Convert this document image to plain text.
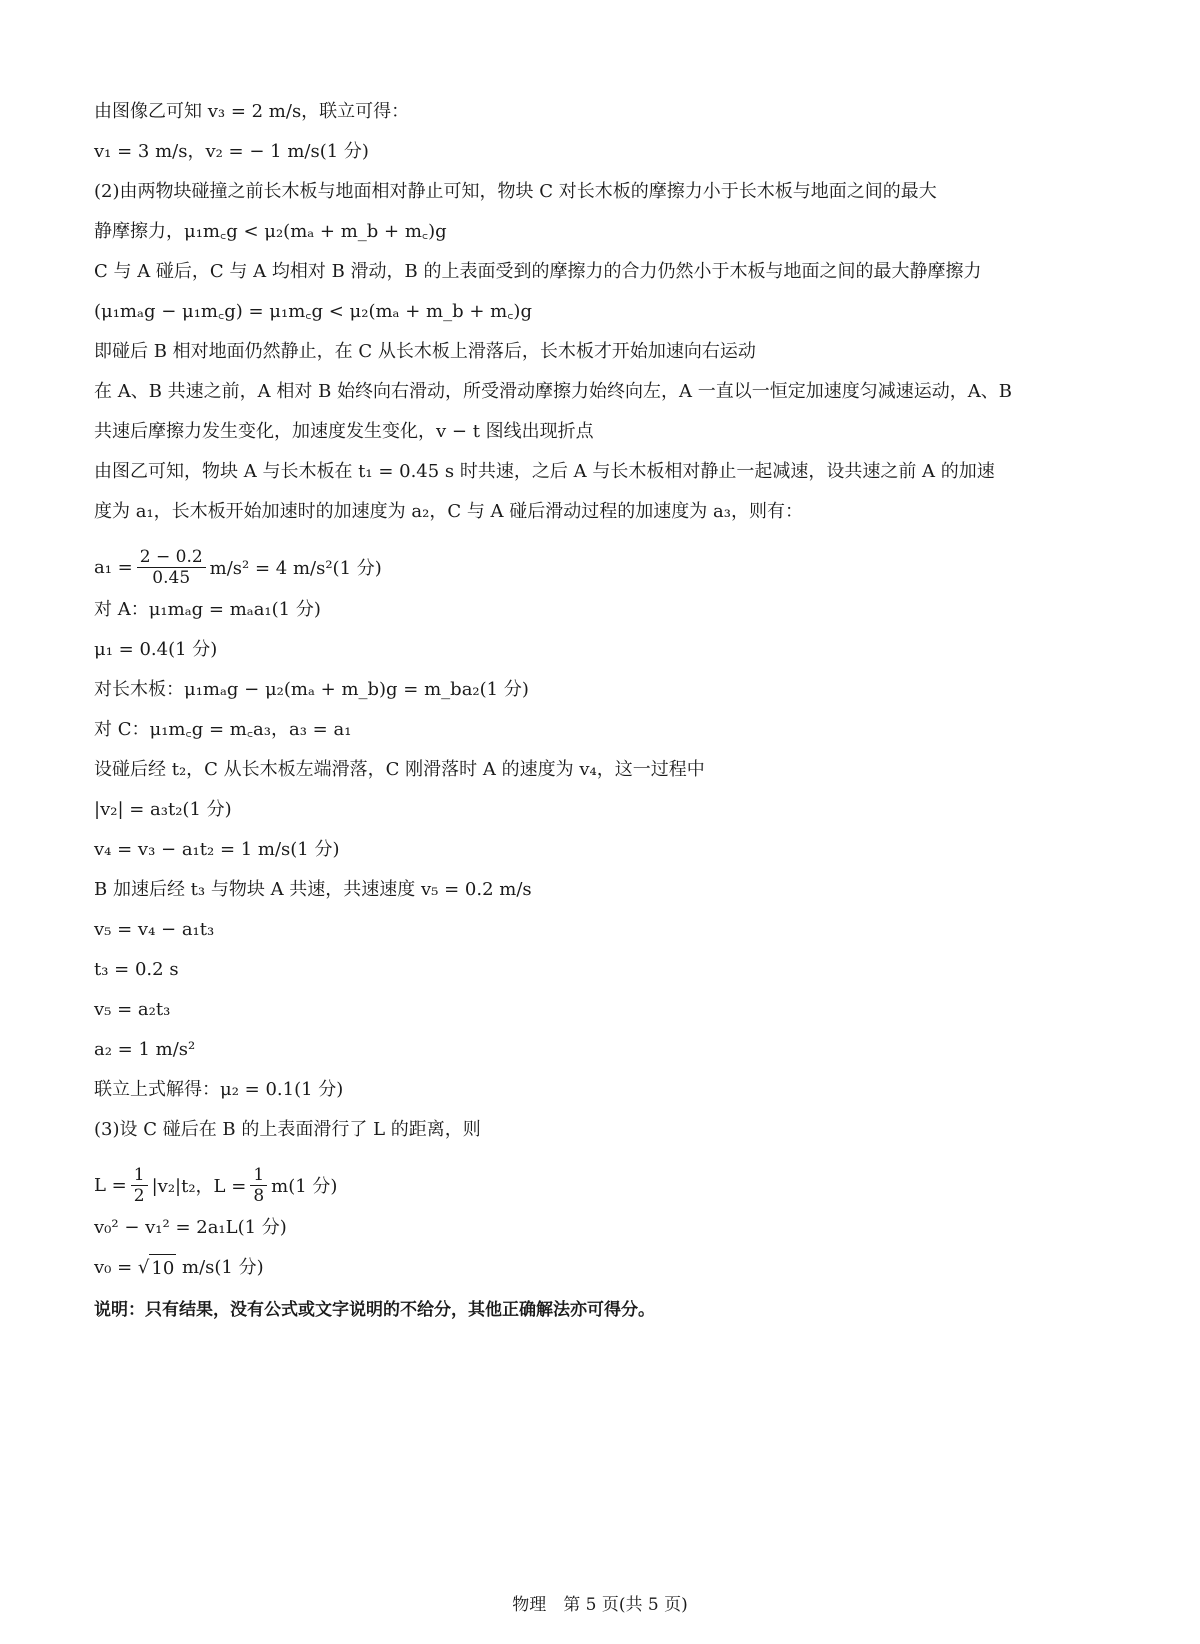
由图像乙可知 v₃ = 2 m/s，联立可得：

v₁ = 3 m/s，v₂ = − 1 m/s(1 分)

(2)由两物块碰撞之前长木板与地面相对静止可知，物块 C 对长木板的摩擦力小于长木板与地面之间的最大

静摩擦力，μ₁m꜀g < μ₂(mₐ + m_b + m꜀)g

C 与 A 碰后，C 与 A 均相对 B 滑动，B 的上表面受到的摩擦力的合力仍然小于木板与地面之间的最大静摩擦力

(μ₁mₐg − μ₁m꜀g) = μ₁m꜀g < μ₂(mₐ + m_b + m꜀)g

即碰后 B 相对地面仍然静止，在 C 从长木板上滑落后，长木板才开始加速向右运动

在 A、B 共速之前，A 相对 B 始终向右滑动，所受滑动摩擦力始终向左，A 一直以一恒定加速度匀减速运动，A、B

共速后摩擦力发生变化，加速度发生变化，v − t 图线出现折点

由图乙可知，物块 A 与长木板在 t₁ = 0.45 s 时共速，之后 A 与长木板相对静止一起减速，设共速之前 A 的加速

度为 a₁，长木板开始加速时的加速度为 a₂，C 与 A 碰后滑动过程的加速度为 a₃，则有：

$a_1 = \frac{2 - 0.2}{0.45} m/s^2 = 4$ m/s²(1 分)

对 A：μ₁mₐg = mₐa₁(1 分)

μ₁ = 0.4(1 分)

对长木板：μ₁mₐg − μ₂(mₐ + m_b)g = m_ba₂(1 分)

对 C：μ₁m꜀g = m꜀a₃，a₃ = a₁

设碰后经 t₂，C 从长木板左端滑落，C 刚滑落时 A 的速度为 v₄，这一过程中

|v₂| = a₃t₂(1 分)

v₄ = v₃ − a₁t₂ = 1 m/s(1 分)

B 加速后经 t₃ 与物块 A 共速，共速速度 v₅ = 0.2 m/s

v₅ = v₄ − a₁t₃

t₃ = 0.2 s

v₅ = a₂t₃

a₂ = 1 m/s²

联立上式解得：μ₂ = 0.1(1 分)

(3)设 C 碰后在 B 的上表面滑行了 L 的距离，则

$L = \frac{1}{2} |v_2|t_2$，$L = \frac{1}{8} m(1$ 分)

v₀² − v₁² = 2a₁L(1 分)

v₀ = √ 10 m/s(1 分)

说明：只有结果，没有公式或文字说明的不给分，其他正确解法亦可得分。

物理　第 5 页(共 5 页)
